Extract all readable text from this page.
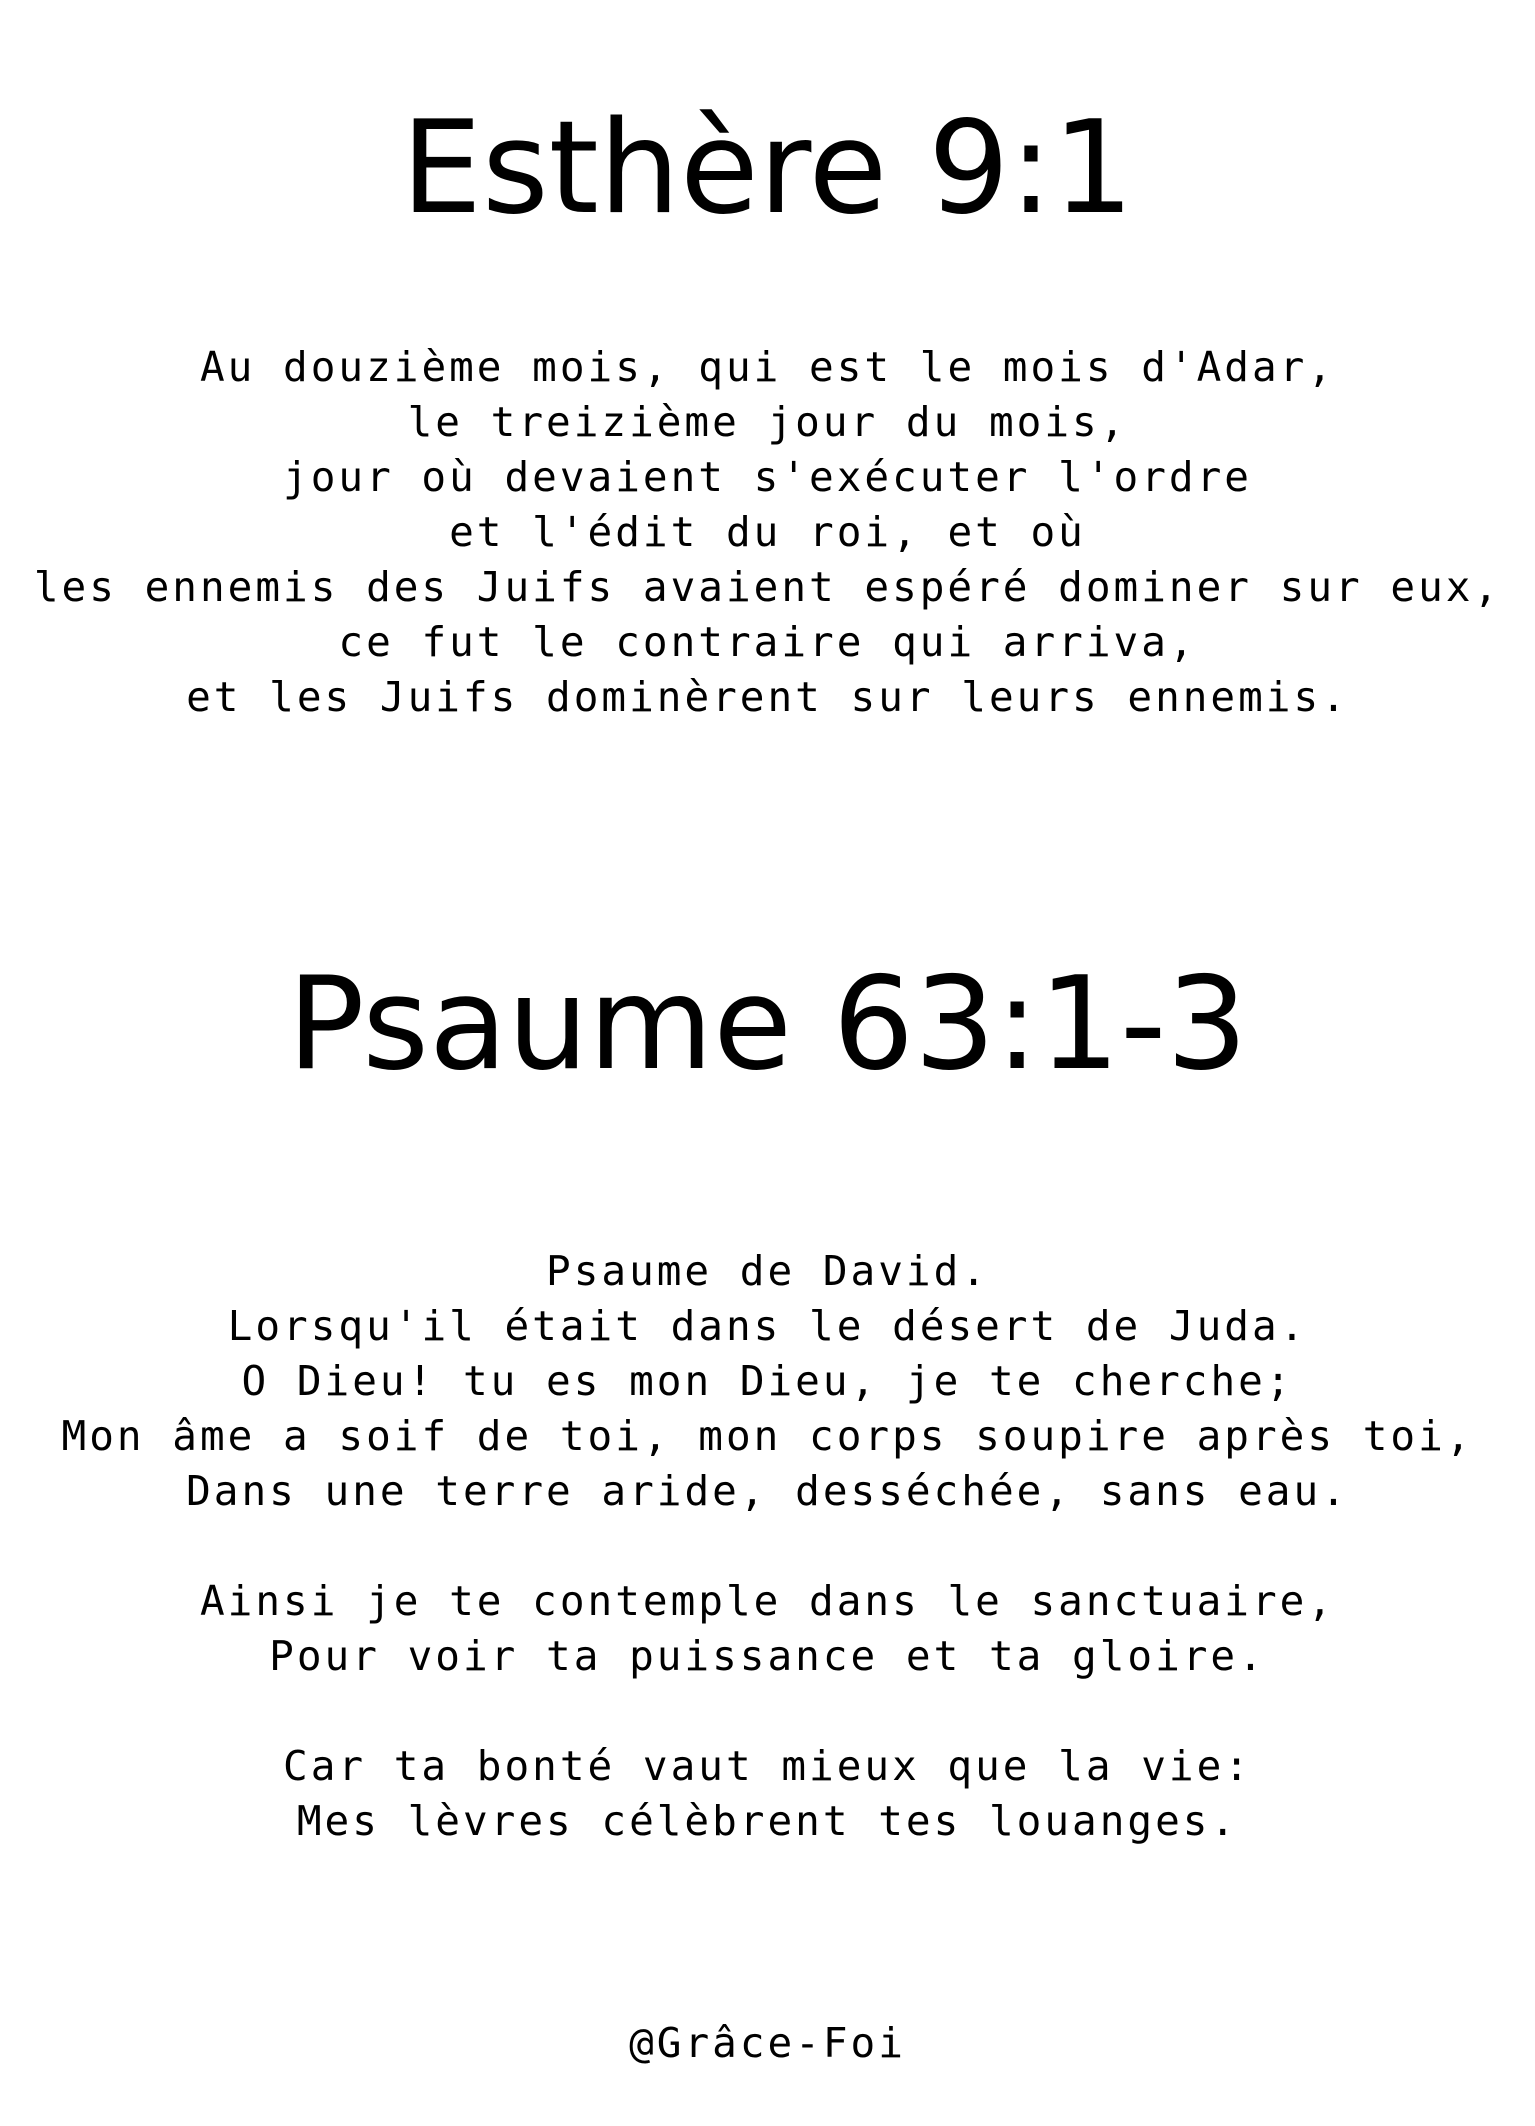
Esthère 9:1
Au douzième mois, qui est le mois d'Adar,
le treizième jour du mois,
jour où devaient s'exécuter l'ordre
et l'édit du roi, et où
les ennemis des Juifs avaient espéré dominer sur eux,
ce fut le contraire qui arriva,
et les Juifs dominèrent sur leurs ennemis.
Psaume 63:1-3
Psaume de David.
Lorsqu'il était dans le désert de Juda.
O Dieu! tu es mon Dieu, je te cherche;
Mon âme a soif de toi, mon corps soupire après toi,
Dans une terre aride, desséchée, sans eau.
Ainsi je te contemple dans le sanctuaire,
Pour voir ta puissance et ta gloire.
Car ta bonté vaut mieux que la vie:
Mes lèvres célèbrent tes louanges.
@Grâce-Foi
